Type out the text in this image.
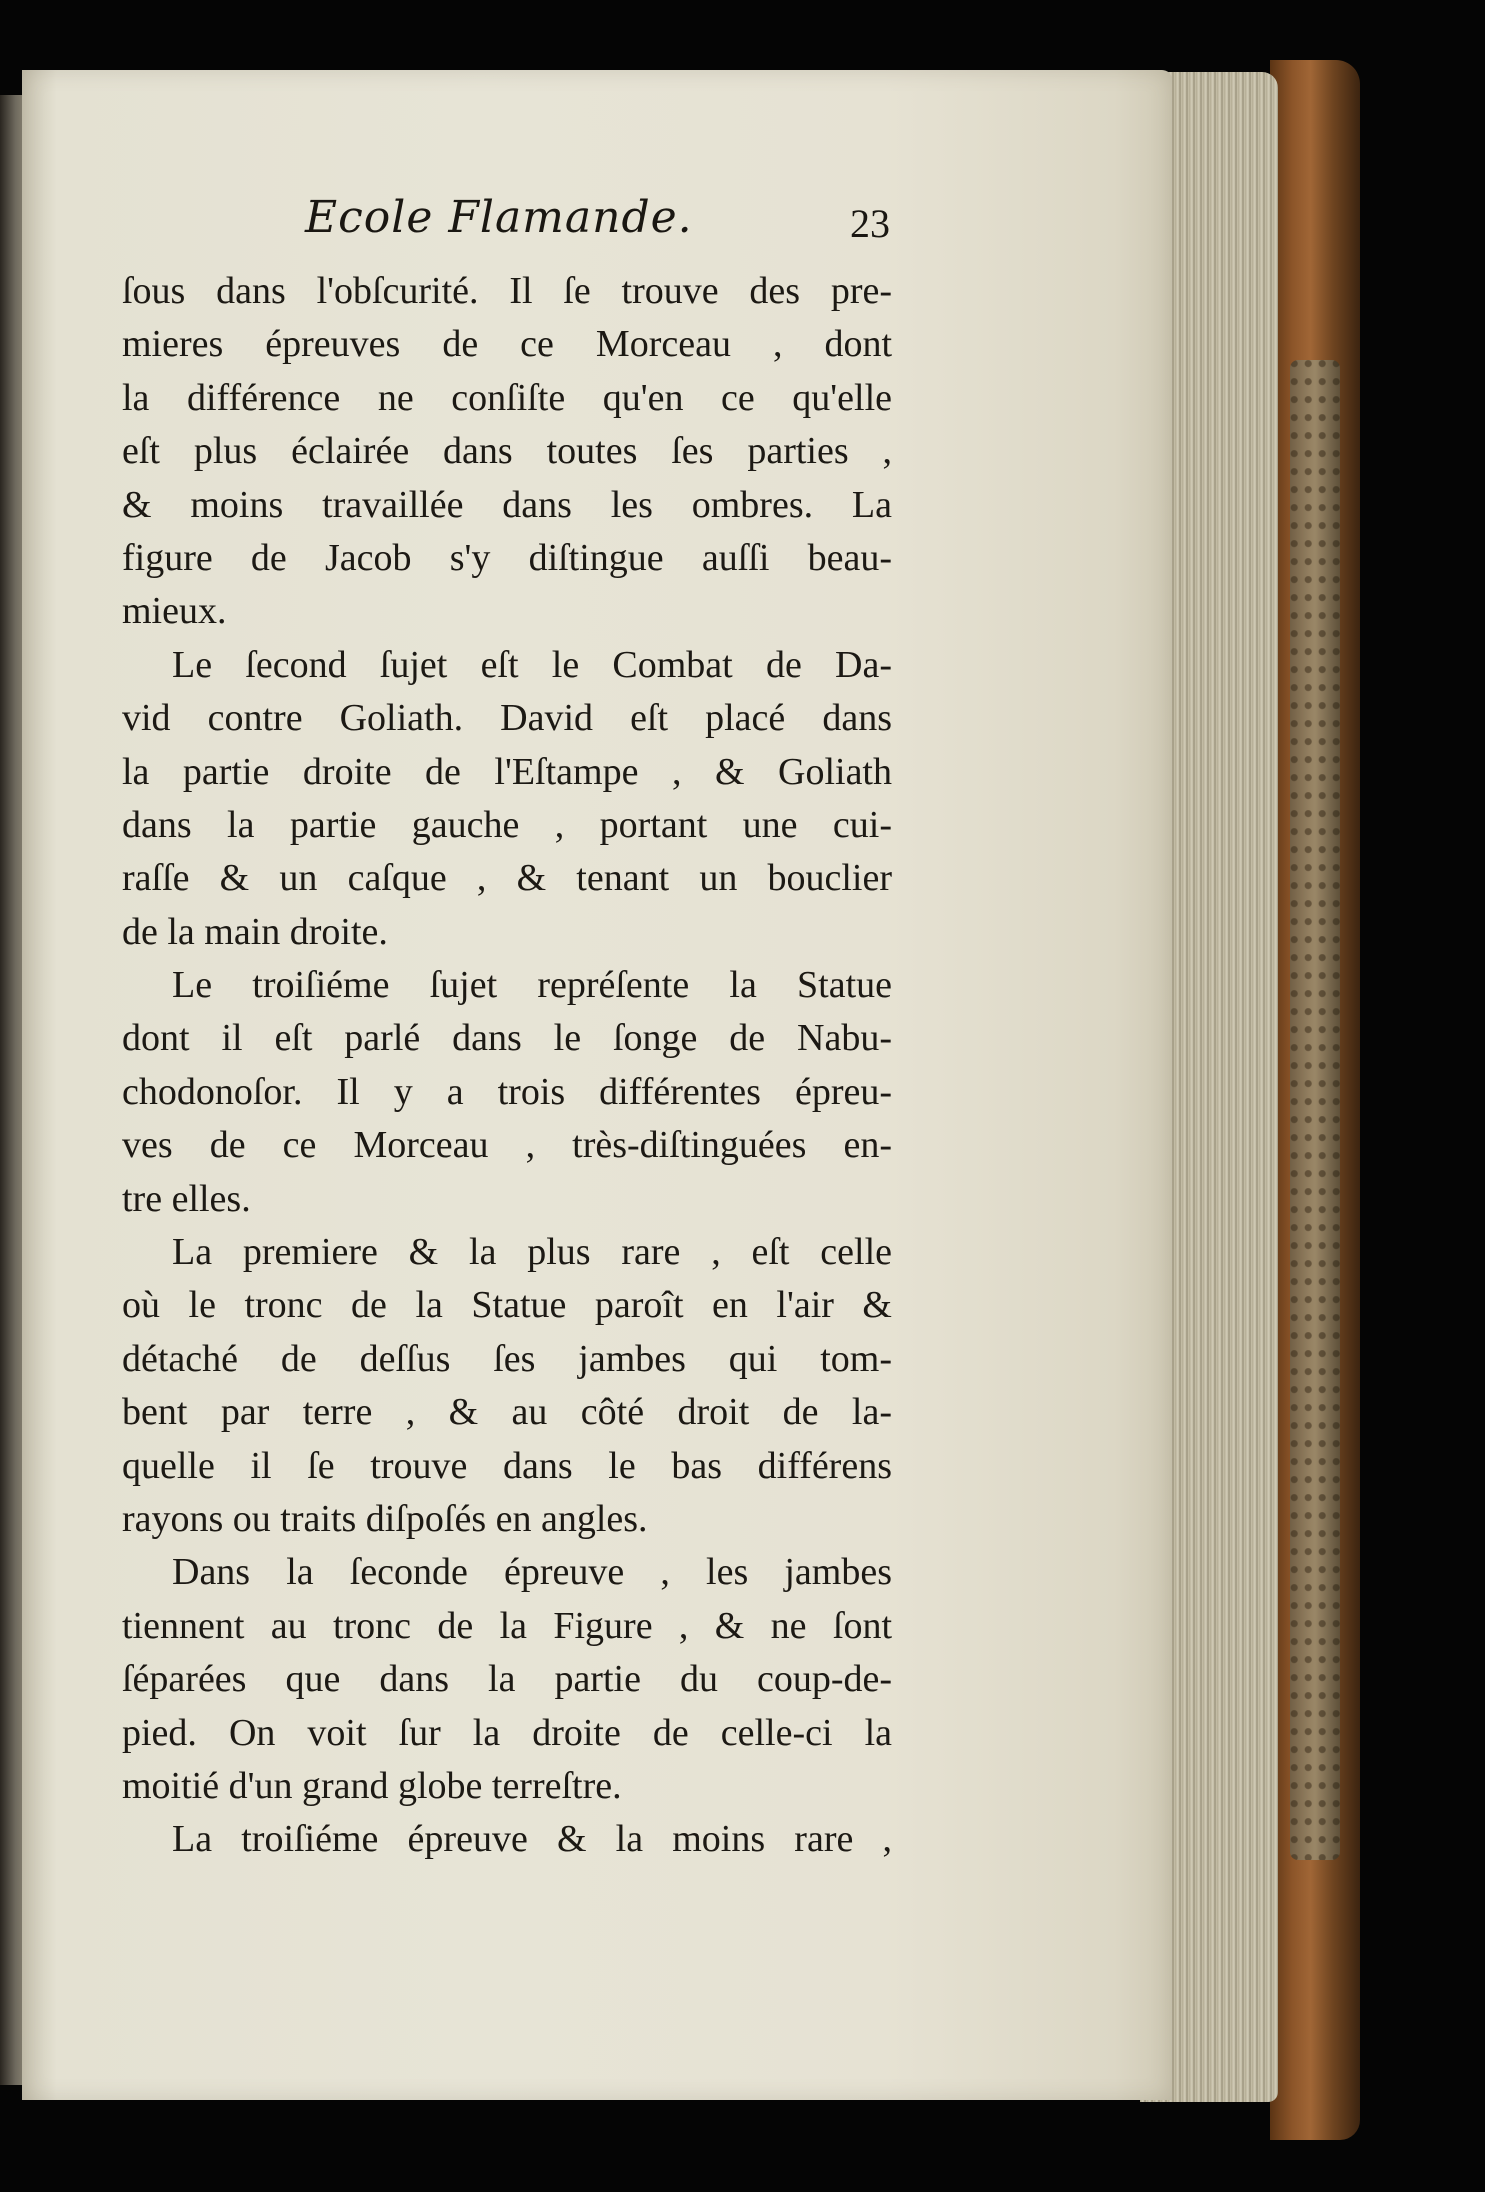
Ecole Flamande.	23
ſous dans l'obſcurité. Il ſe trouve des pre-
mieres épreuves de ce Morceau , dont
la différence ne conſiſte qu'en ce qu'elle
eſt plus éclairée dans toutes ſes parties ,
& moins travaillée dans les ombres. La
figure de Jacob s'y diſtingue auſſi beau-
mieux.
Le ſecond ſujet eſt le Combat de Da-
vid contre Goliath. David eſt placé dans
la partie droite de l'Eſtampe , & Goliath
dans la partie gauche , portant une cui-
raſſe & un caſque , & tenant un bouclier
de la main droite.
Le troiſiéme ſujet repréſente la Statue
dont il eſt parlé dans le ſonge de Nabu-
chodonoſor. Il y a trois différentes épreu-
ves de ce Morceau , très-diſtinguées en-
tre elles.
La premiere & la plus rare , eſt celle
où le tronc de la Statue paroît en l'air &
détaché de deſſus ſes jambes qui tom-
bent par terre , & au côté droit de la-
quelle il ſe trouve dans le bas différens
rayons ou traits diſpoſés en angles.
Dans la ſeconde épreuve , les jambes
tiennent au tronc de la Figure , & ne ſont
ſéparées que dans la partie du coup-de-
pied. On voit ſur la droite de celle-ci la
moitié d'un grand globe terreſtre.
La troiſiéme épreuve & la moins rare ,
